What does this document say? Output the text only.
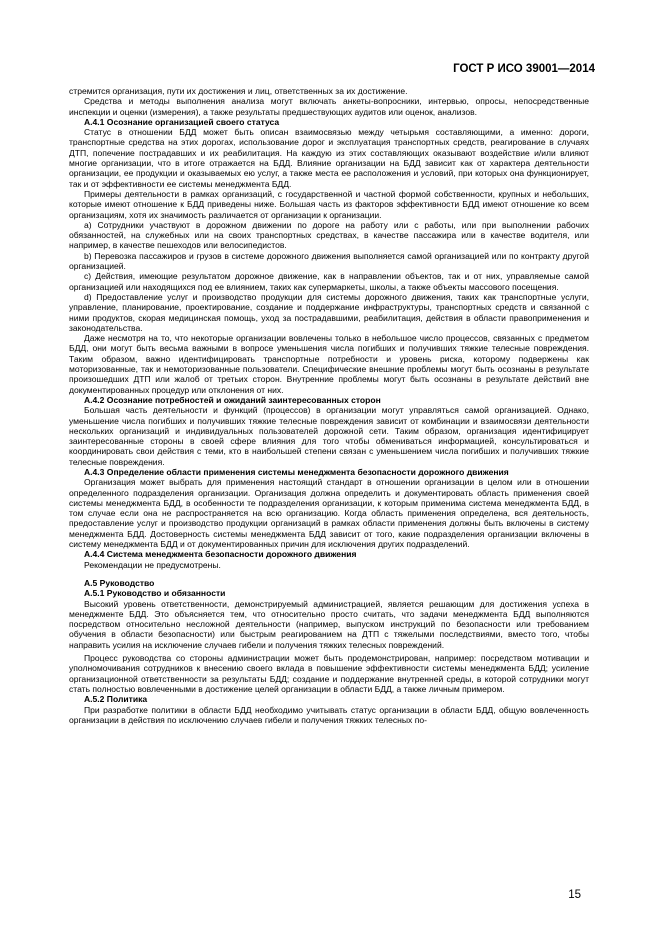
ГОСТ Р ИСО 39001—2014

стремится организация, пути их достижения и лиц, ответственных за их достижение.

Средства и методы выполнения анализа могут включать анкеты-вопросники, интервью, опросы, непосредственные инспекции и оценки (измерения), а также результаты предшествующих аудитов или оценок, анализов.

А.4.1 Осознание организацией своего статуса

Статус в отношении БДД может быть описан взаимосвязью между четырьмя составляющими, а именно: дороги, транспортные средства на этих дорогах, использование дорог и эксплуатация транспортных средств, реагирование в случаях ДТП, попечение пострадавших и их реабилитация. На каждую из этих составляющих оказывают воздействие и/или влияют многие организации, что в итоге отражается на БДД. Влияние организации на БДД зависит как от характера деятельности организации, ее продукции и оказываемых ею услуг, а также места ее расположения и условий, при которых она функционирует, так и от эффективности ее системы менеджмента БДД.

Примеры деятельности в рамках организаций, с государственной и частной формой собственности, крупных и небольших, которые имеют отношение к БДД приведены ниже. Большая часть из факторов эффективности БДД имеют отношение ко всем организациям, хотя их значимость различается от организации к организации.

а) Сотрудники участвуют в дорожном движении по дороге на работу или с работы, или при выполнении рабочих обязанностей, на служебных или на своих транспортных средствах, в качестве пассажира или в качестве водителя, или например, в качестве пешеходов или велосипедистов.

b) Перевозка пассажиров и грузов в системе дорожного движения выполняется самой организацией или по контракту другой организацией.

c) Действия, имеющие результатом дорожное движение, как в направлении объектов, так и от них, управляемые самой организацией или находящихся под ее влиянием, таких как супермаркеты, школы, а также объекты массового посещения.

d) Предоставление услуг и производство продукции для системы дорожного движения, таких как транспортные услуги, управление, планирование, проектирование, создание и поддержание инфраструктуры, транспортных средств и связанной с ними продуктов, скорая медицинская помощь, уход за пострадавшими, реабилитация, действия в области правоприменения и законодательства.

Даже несмотря на то, что некоторые организации вовлечены только в небольшое число процессов, связанных с предметом БДД, они могут быть весьма важными в вопросе уменьшения числа погибших и получивших тяжкие телесные повреждения. Таким образом, важно идентифицировать транспортные потребности и уровень риска, которому подвержены как моторизованные, так и немоторизованные пользователи. Специфические внешние проблемы могут быть осознаны в результате произошедших ДТП или жалоб от третьих сторон. Внутренние проблемы могут быть осознаны в результате действий вне документированных процедур или отклонения от них.

А.4.2 Осознание потребностей и ожиданий заинтересованных сторон

Большая часть деятельности и функций (процессов) в организации могут управляться самой организацией. Однако, уменьшение числа погибших и получивших тяжкие телесные повреждения зависит от комбинации и взаимосвязи деятельности нескольких организаций и индивидуальных пользователей дорожной сети. Таким образом, организация идентифицирует заинтересованные стороны в своей сфере влияния для того чтобы обмениваться информацией, консультироваться и координировать свои действия с теми, кто в наибольшей степени связан с уменьшением числа погибших и получивших тяжкие телесные повреждения.

А.4.3 Определение области применения системы менеджмента безопасности дорожного движения

Организация может выбрать для применения настоящий стандарт в отношении организации в целом или в отношении определенного подразделения организации. Организация должна определить и документировать область применения своей системы менеджмента БДД, в особенности те подразделения организации, к которым применима система менеджмента БДД, в том случае если она не распространяется на всю организацию. Когда область применения определена, вся деятельность, предоставление услуг и производство продукции организаций в рамках области применения должны быть включены в систему менеджмента БДД. Достоверность системы менеджмента БДД зависит от того, какие подразделения организации включены в систему менеджмента БДД и от документированных причин для исключения других подразделений.

А.4.4 Система менеджмента безопасности дорожного движения

Рекомендации не предусмотрены.

А.5 Руководство

А.5.1 Руководство и обязанности

Высокий уровень ответственности, демонстрируемый администрацией, является решающим для достижения успеха в менеджменте БДД. Это объясняется тем, что относительно просто считать, что задачи менеджмента БДД выполняются посредством относительно несложной деятельности (например, выпуском инструкций по безопасности или требованием обучения в области безопасности) или быстрым реагированием на ДТП с тяжелыми последствиями, вместо того, чтобы направить усилия на исключение случаев гибели и получения тяжких телесных повреждений.

Процесс руководства со стороны администрации может быть продемонстрирован, например: посредством мотивации и уполномочивания сотрудников к внесению своего вклада в повышение эффективности системы менеджмента БДД; усиление организационной ответственности за результаты БДД; создание и поддержание внутренней среды, в которой сотрудники могут стать полностью вовлеченными в достижение целей организации в области БДД, а также личным примером.

А.5.2 Политика

При разработке политики в области БДД необходимо учитывать статус организации в области БДД, общую вовлеченность организации в действия по исключению случаев гибели и получения тяжких телесных по-

15
